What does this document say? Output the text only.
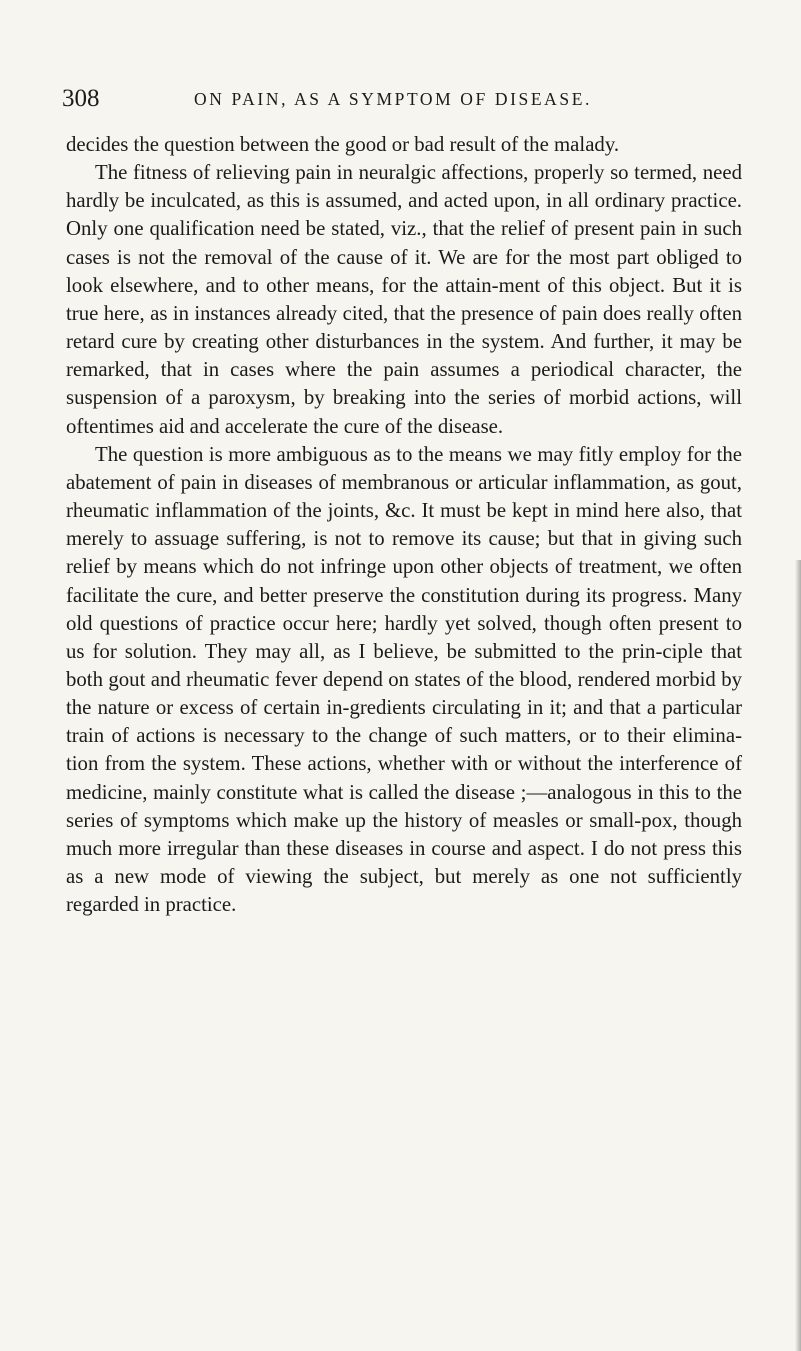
308	ON PAIN, AS A SYMPTOM OF DISEASE.

decides the question between the good or bad result of the malady.

The fitness of relieving pain in neuralgic affections, properly so termed, need hardly be inculcated, as this is assumed, and acted upon, in all ordinary practice. Only one qualification need be stated, viz., that the relief of present pain in such cases is not the removal of the cause of it. We are for the most part obliged to look elsewhere, and to other means, for the attain-ment of this object. But it is true here, as in instances already cited, that the presence of pain does really often retard cure by creating other disturbances in the system. And further, it may be remarked, that in cases where the pain assumes a periodical character, the suspension of a paroxysm, by breaking into the series of morbid actions, will oftentimes aid and accelerate the cure of the disease.

The question is more ambiguous as to the means we may fitly employ for the abatement of pain in diseases of membranous or articular inflammation, as gout, rheumatic inflammation of the joints, &c. It must be kept in mind here also, that merely to assuage suffering, is not to remove its cause; but that in giving such relief by means which do not infringe upon other objects of treatment, we often facilitate the cure, and better preserve the constitution during its progress. Many old questions of practice occur here; hardly yet solved, though often present to us for solution. They may all, as I believe, be submitted to the prin-ciple that both gout and rheumatic fever depend on states of the blood, rendered morbid by the nature or excess of certain in-gredients circulating in it; and that a particular train of actions is necessary to the change of such matters, or to their elimina-tion from the system. These actions, whether with or without the interference of medicine, mainly constitute what is called the disease ;—analogous in this to the series of symptoms which make up the history of measles or small-pox, though much more irregular than these diseases in course and aspect. I do not press this as a new mode of viewing the subject, but merely as one not sufficiently regarded in practice.
